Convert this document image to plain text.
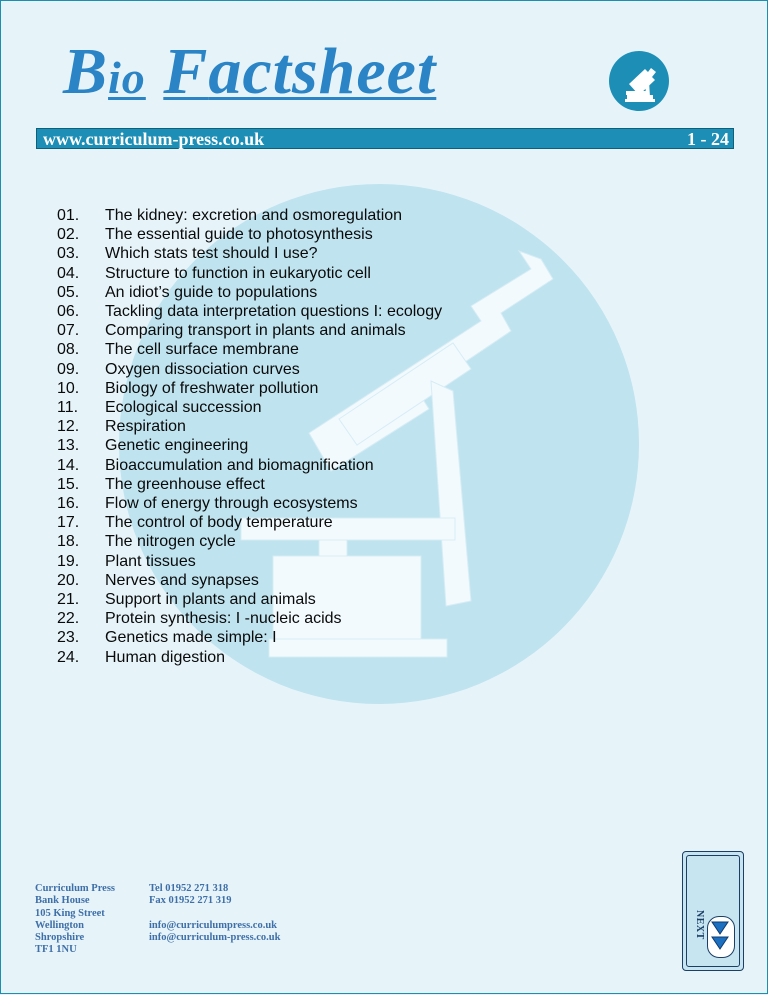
Bio Factsheet
www.curriculum-press.co.uk	1 - 24
01. The kidney: excretion and osmoregulation
02. The essential guide to photosynthesis
03. Which stats test should I use?
04. Structure to function in eukaryotic cell
05. An idiot’s guide to populations
06. Tackling data interpretation questions I: ecology
07. Comparing transport in plants and animals
08. The cell surface membrane
09. Oxygen dissociation curves
10. Biology of freshwater pollution
11. Ecological succession
12. Respiration
13. Genetic engineering
14. Bioaccumulation and biomagnification
15. The greenhouse effect
16. Flow of energy through ecosystems
17. The control of body temperature
18. The nitrogen cycle
19. Plant tissues
20. Nerves and synapses
21. Support in plants and animals
22. Protein synthesis: I -nucleic acids
23. Genetics made simple: I
24. Human digestion
Curriculum Press
Bank House
105 King Street
Wellington
Shropshire
TF1 1NU
Tel 01952 271 318
Fax 01952 271 319
info@curriculumpress.co.uk
info@curriculum-press.co.uk	NEXT
